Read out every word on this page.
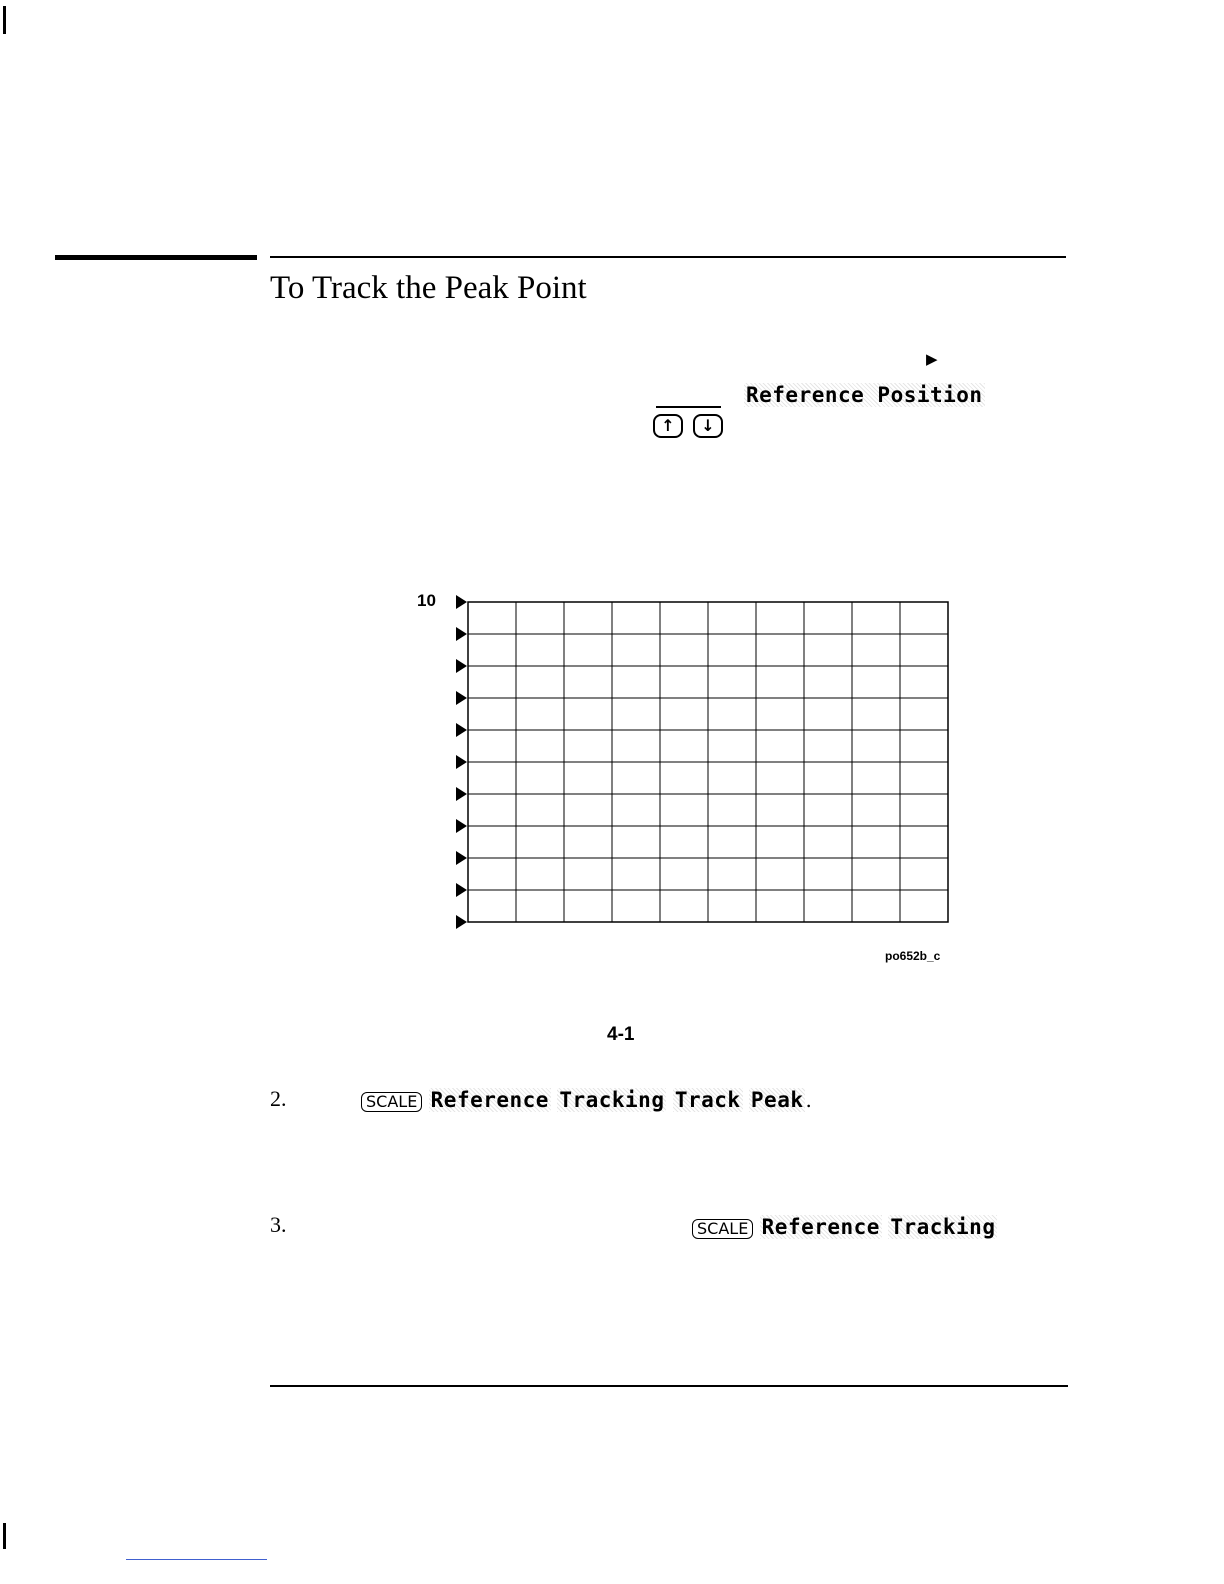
To Track the Peak Point
▶
Reference Position
↑	↓
10
po652b_c
4-1
2.	SCALE Reference Tracking Track Peak .
3.	SCALE Reference Tracking
